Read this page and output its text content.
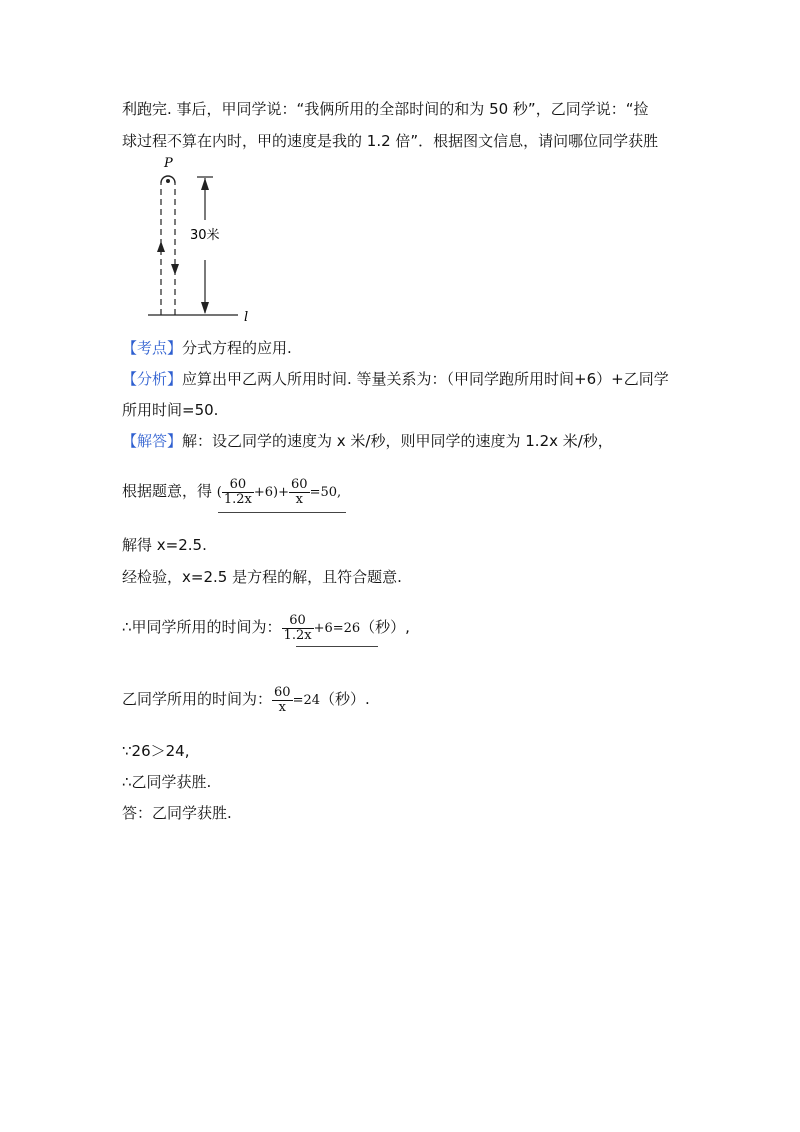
利跑完. 事后，甲同学说：“我俩所用的全部时间的和为 50 秒”，乙同学说：“捡
球过程不算在内时，甲的速度是我的 1.2 倍”．根据图文信息，请问哪位同学获胜
l
P
30米
【考点】分式方程的应用.
【分析】应算出甲乙两人所用时间. 等量关系为：（甲同学跑所用时间+6）+乙同学
所用时间=50.
【解答】解：设乙同学的速度为 x 米/秒，则甲同学的速度为 1.2x 米/秒，
根据题意，得 ( $\frac{60}{1.2x} +6)+ \frac{60}{x} =50$,
解得 x=2.5.
经检验，x=2.5 是方程的解，且符合题意.
∴甲同学所用的时间为： $\frac{60}{1.2x} +6=26$（秒）,
乙同学所用的时间为： $\frac{60}{x} =24$（秒）.
∵26＞24,
∴乙同学获胜.
答：乙同学获胜.
